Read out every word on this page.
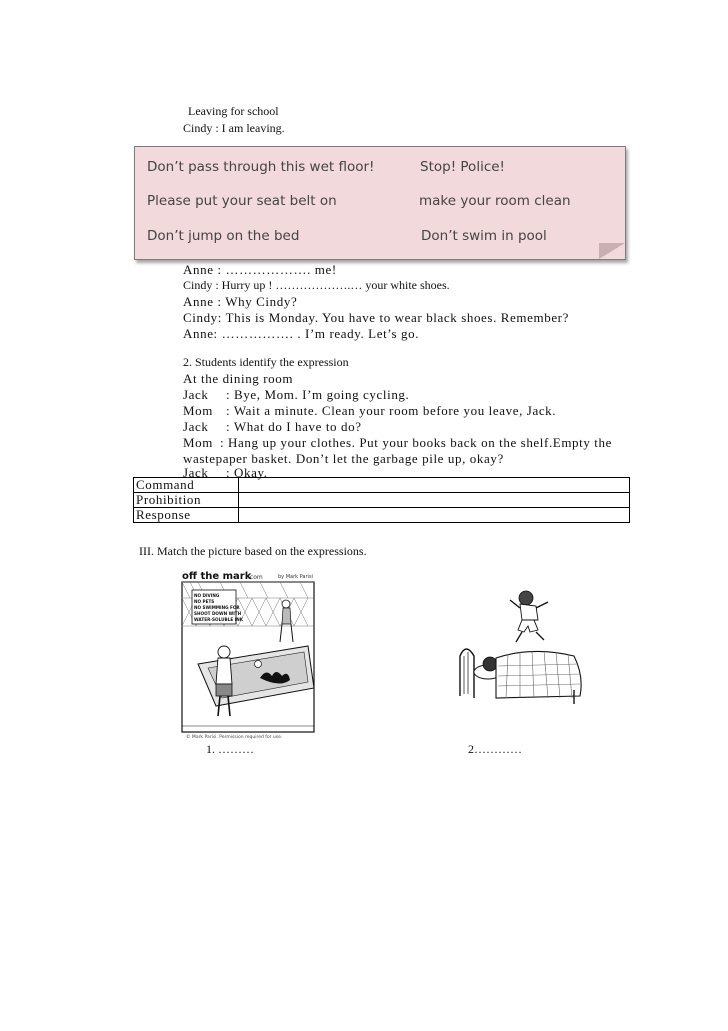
Leaving for school
Cindy : I am leaving.
Don’t pass through this wet floor!	Stop! Police!
Please put your seat belt on	make your room clean
Don’t jump on the bed	Don’t swim in pool
Anne : ………………. me!
Cindy : Hurry up ! ……………….… your white shoes.
Anne : Why Cindy?
Cindy: This is Monday. You have to wear black shoes. Remember?
Anne: ……………. . I’m ready. Let’s go.
2. Students identify the expression
At the dining room
Jack : Bye, Mom. I’m going cycling.
Mom : Wait a minute. Clean your room before you leave, Jack.
Jack : What do I have to do?
Mom : Hang up your clothes. Put your books back on the shelf.Empty the
wastepaper basket. Don’t let the garbage pile up, okay?
Jack : Okay.
Command	
Prohibition	
Response	
III. Match the picture based on the expressions.
off the mark
.com	by Mark Parisi
NO DIVING NO PETS NO SWIMMING FOR SHOOT DOWN WITH WATER-SOLUBLE INK
© Mark Parisi. Permission required for use.
1. ………	2…………
